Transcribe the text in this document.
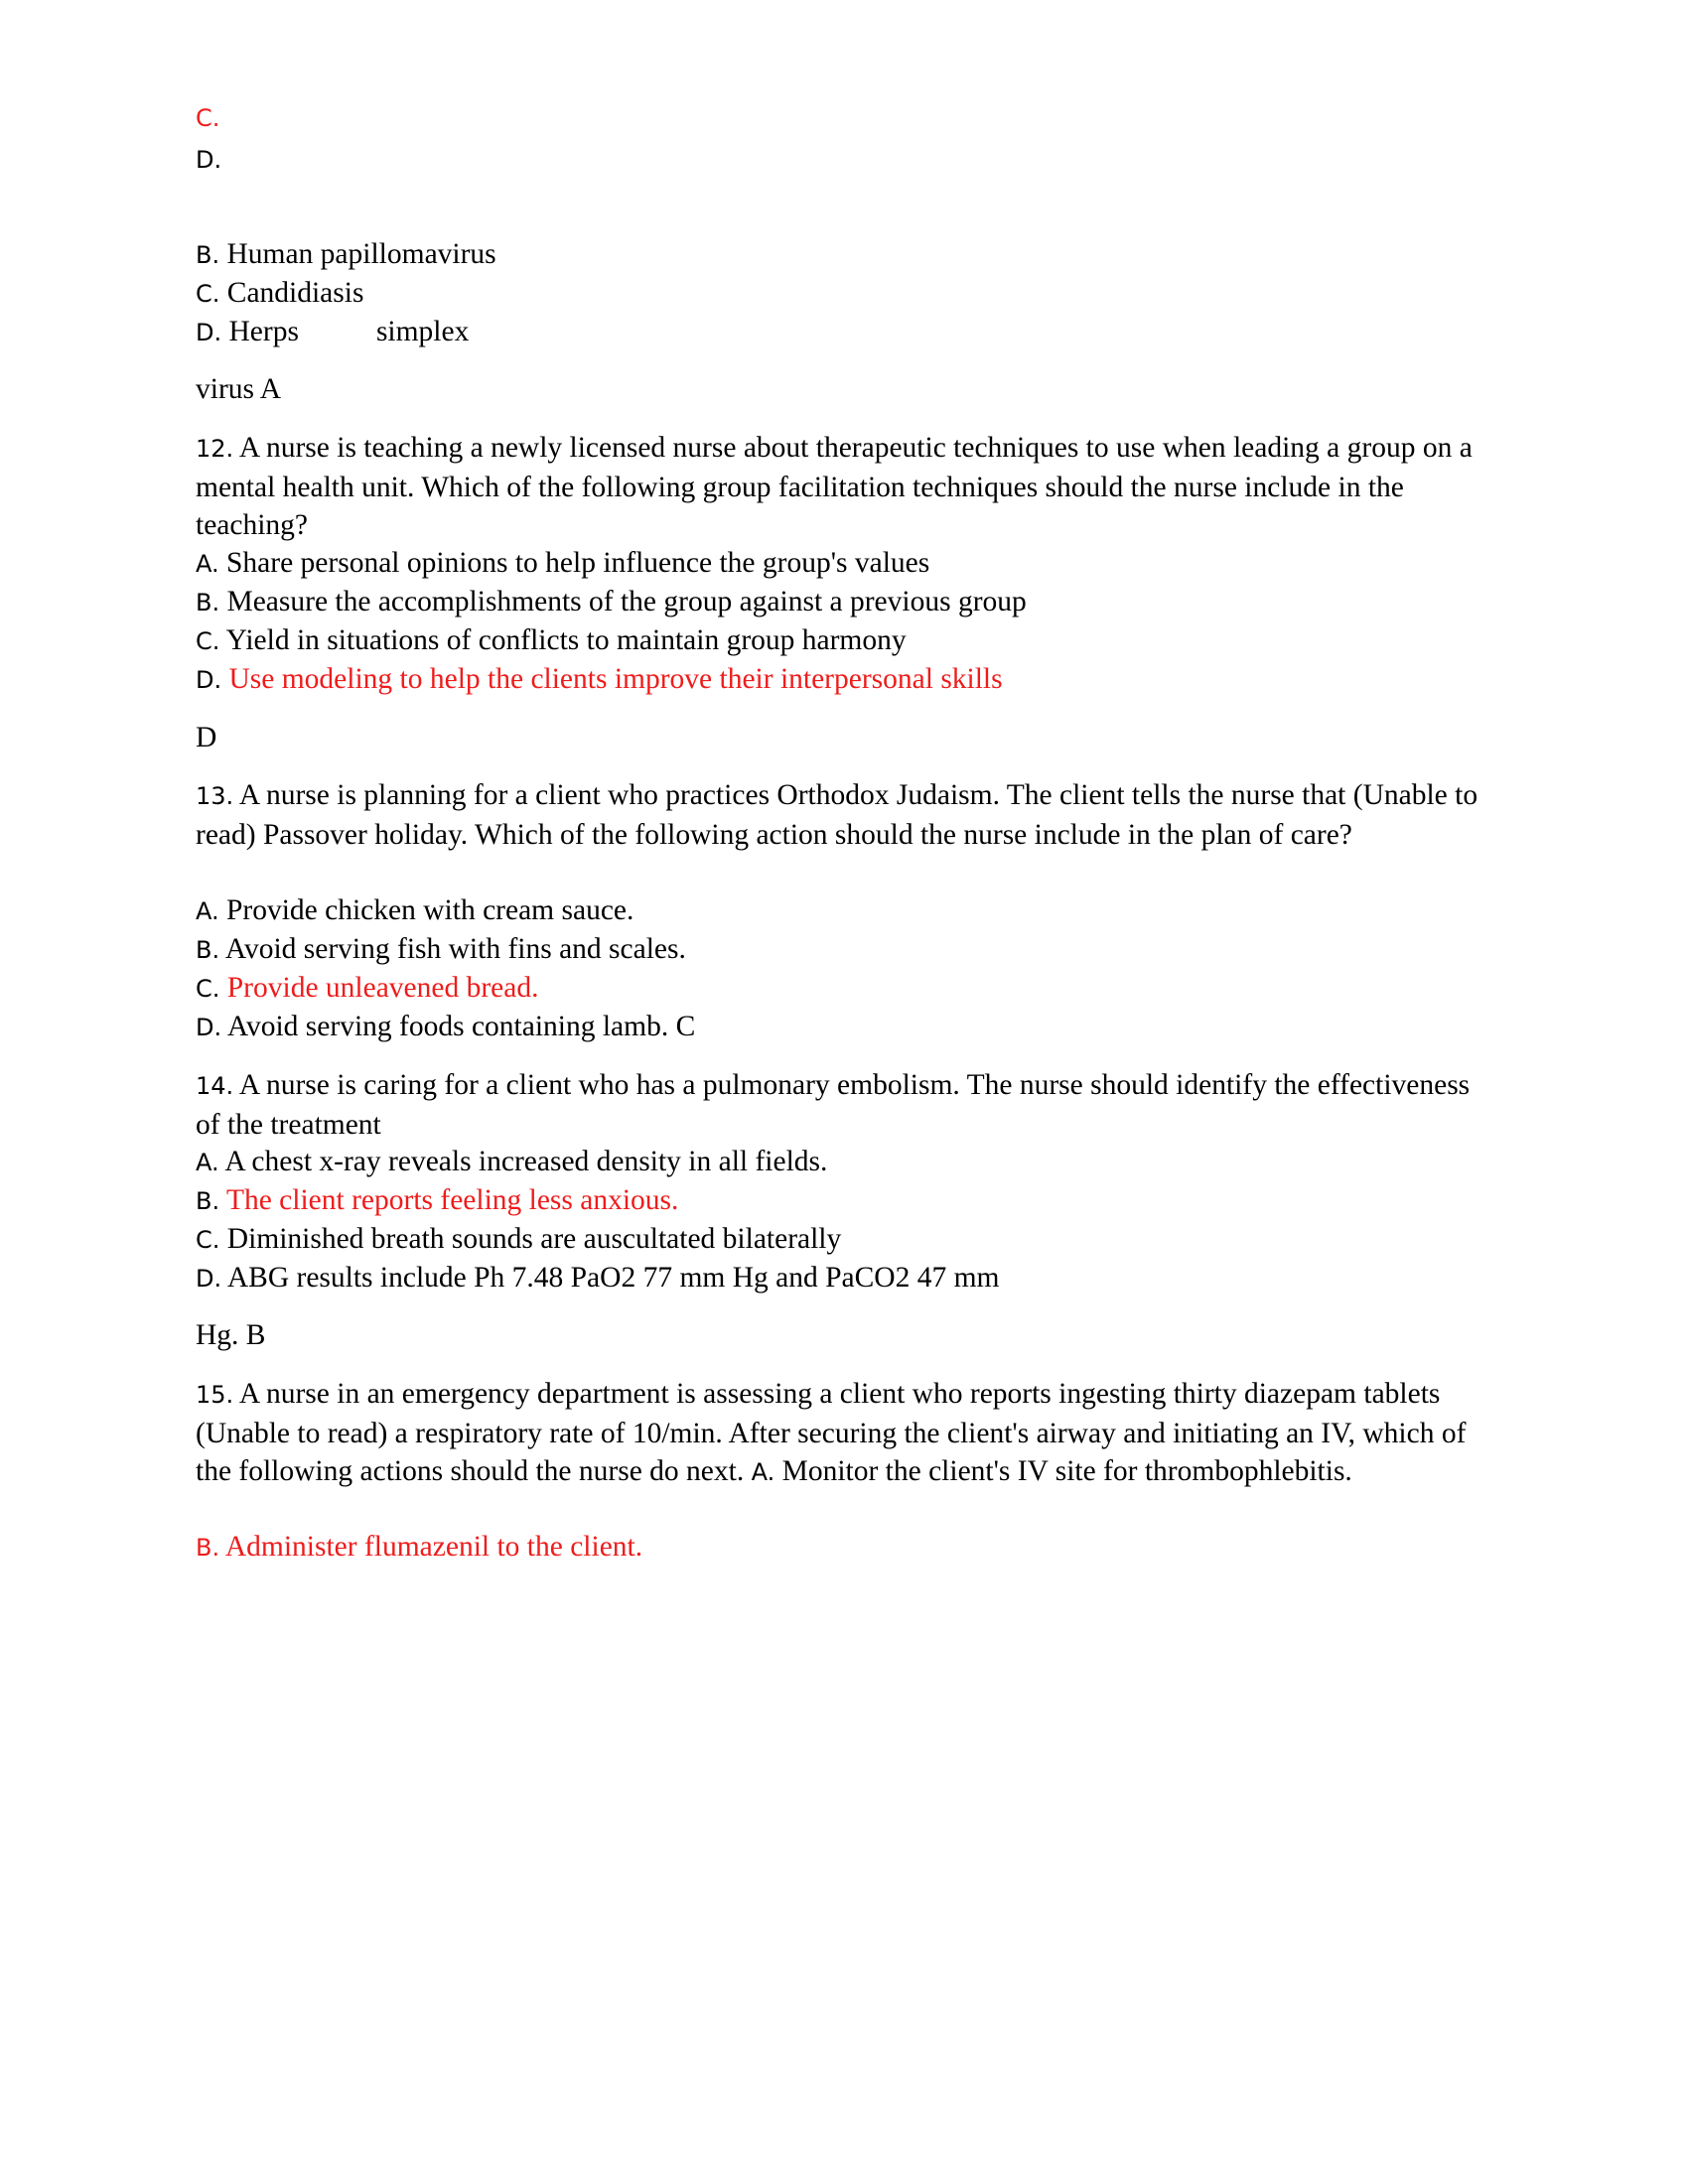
C.
D.
B. Human papillomavirus
C. Candidiasis
D. Herps	simplex
virus A
12. A nurse is teaching a newly licensed nurse about therapeutic techniques to use when leading a group on a mental health unit. Which of the following group facilitation techniques should the nurse include in the teaching?
A. Share personal opinions to help influence the group's values
B. Measure the accomplishments of the group against a previous group
C. Yield in situations of conflicts to maintain group harmony
D. Use modeling to help the clients improve their interpersonal skills
D
13. A nurse is planning for a client who practices Orthodox Judaism. The client tells the nurse that (Unable to read) Passover holiday. Which of the following action should the nurse include in the plan of care?
A. Provide chicken with cream sauce.
B. Avoid serving fish with fins and scales.
C. Provide unleavened bread.
D. Avoid serving foods containing lamb. C
14. A nurse is caring for a client who has a pulmonary embolism. The nurse should identify the effectiveness of the treatment
A. A chest x-ray reveals increased density in all fields.
B. The client reports feeling less anxious.
C. Diminished breath sounds are auscultated bilaterally
D. ABG results include Ph 7.48 PaO2 77 mm Hg and PaCO2 47 mm
Hg. B
15. A nurse in an emergency department is assessing a client who reports ingesting thirty diazepam tablets (Unable to read) a respiratory rate of 10/min. After securing the client's airway and initiating an IV, which of the following actions should the nurse do next. A. Monitor the client's IV site for thrombophlebitis.
B. Administer flumazenil to the client.
